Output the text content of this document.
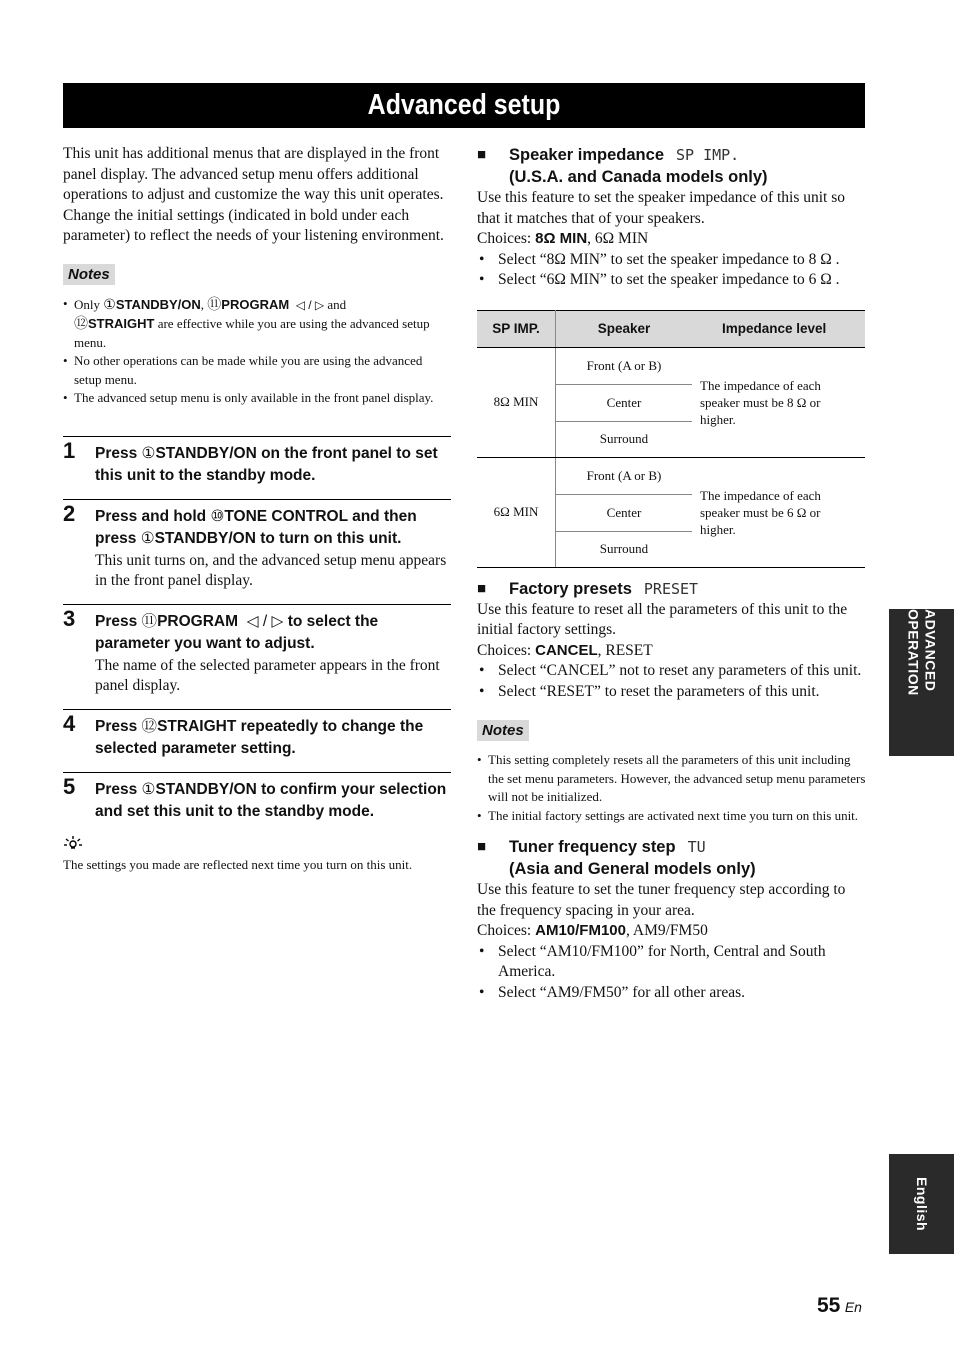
Advanced setup

This unit has additional menus that are displayed in the front panel display. The advanced setup menu offers additional operations to adjust and customize the way this unit operates. Change the initial settings (indicated in bold under each parameter) to reflect the needs of your listening environment.

Notes
• Only ①STANDBY/ON, ⑪PROGRAM ◁ / ▷ and
⑫STRAIGHT are effective while you are using the advanced setup menu.
• No other operations can be made while you are using the advanced setup menu.
• The advanced setup menu is only available in the front panel display.
1 Press ①STANDBY/ON on the front panel to set this unit to the standby mode.
2 Press and hold ⑩TONE CONTROL and then press ①STANDBY/ON to turn on this unit.
This unit turns on, and the advanced setup menu appears in the front panel display.
3 Press ⑪PROGRAM ◁ / ▷ to select the parameter you want to adjust.
The name of the selected parameter appears in the front panel display.
4 Press ⑫STRAIGHT repeatedly to change the selected parameter setting.
5 Press ①STANDBY/ON to confirm your selection and set this unit to the standby mode.
The settings you made are reflected next time you turn on this unit.
■ Speaker impedance SP IMP.
(U.S.A. and Canada models only)

Use this feature to set the speaker impedance of this unit so that it matches that of your speakers.

Choices: 8Ω MIN, 6Ω MIN

• Select “8Ω MIN” to set the speaker impedance to 8 Ω .
• Select “6Ω MIN” to set the speaker impedance to 6 Ω .
SP IMP.	Speaker	Impedance level
8Ω MIN	Front (A or B)	The impedance of each speaker must be 8 Ω or higher.
	Center	
	Surround	
6Ω MIN	Front (A or B)	The impedance of each speaker must be 6 Ω or higher.
	Center	
	Surround	
■ Factory presets PRESET

Use this feature to reset all the parameters of this unit to the initial factory settings.

Choices: CANCEL, RESET

• Select “CANCEL” not to reset any parameters of this unit.
• Select “RESET” to reset the parameters of this unit.
Notes
• This setting completely resets all the parameters of this unit including the set menu parameters. However, the advanced setup menu parameters will not be initialized.
• The initial factory settings are activated next time you turn on this unit.
■ Tuner frequency step TU
(Asia and General models only)

Use this feature to set the tuner frequency step according to the frequency spacing in your area.

Choices: AM10/FM100, AM9/FM50

• Select “AM10/FM100” for North, Central and South America.
• Select “AM9/FM50” for all other areas.
ADVANCED OPERATION
English
55 En
